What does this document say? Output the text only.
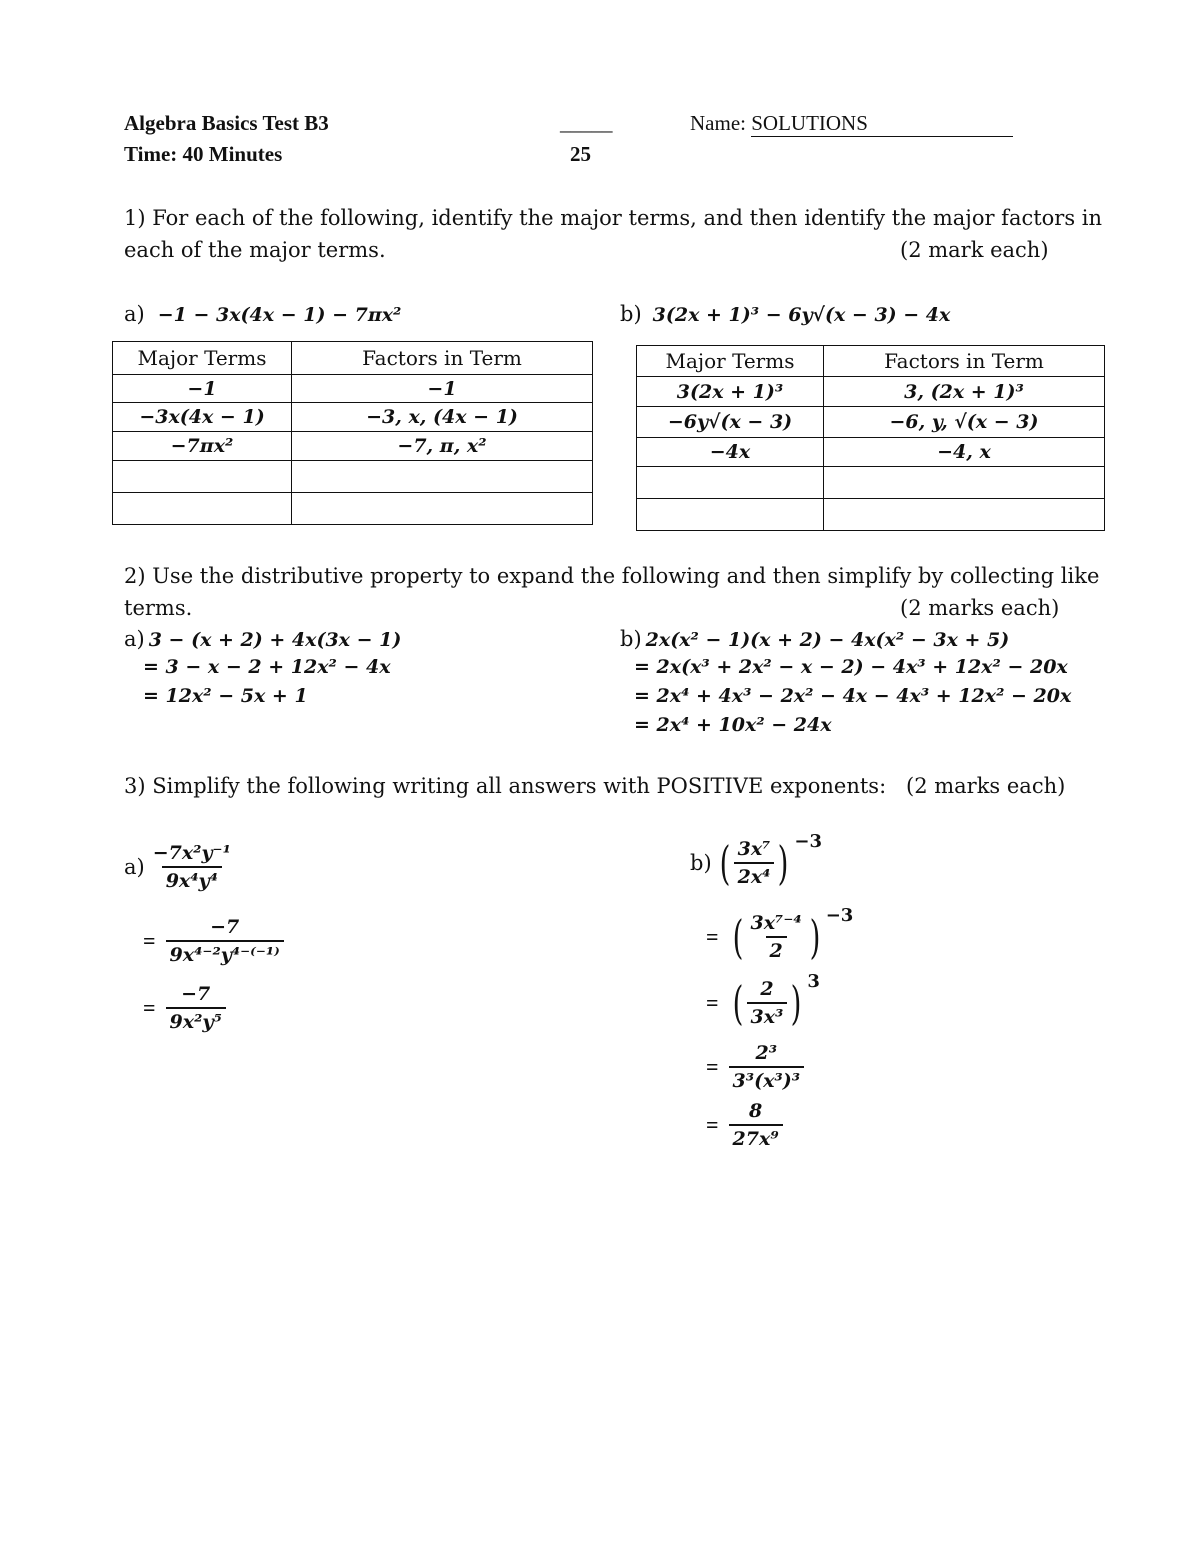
Algebra Basics Test B3
Time: 40 Minutes
_____
25
Name: SOLUTIONS
1) For each of the following, identify the major terms, and then identify the major factors in
each of the major terms.	(2 mark each)
a) −1 − 3x(4x − 1) − 7πx²	b) 3(2x + 1)³ − 6y√(x − 3) − 4x
Major Terms	Factors in Term
−1	−1
−3x(4x − 1)	−3, x, (4x − 1)
−7πx²	−7, π, x²

Major Terms	Factors in Term
3(2x + 1)³	3, (2x + 1)³
−6y√(x − 3)	−6, y, √(x − 3)
−4x	−4, x

2) Use the distributive property to expand the following and then simplify by collecting like
terms.	(2 marks each)
a) 3 − (x + 2) + 4x(3x − 1)
= 3 − x − 2 + 12x² − 4x
= 12x² − 5x + 1
b) 2x(x² − 1)(x + 2) − 4x(x² − 3x + 5)
= 2x(x³ + 2x² − x − 2) − 4x³ + 12x² − 20x
= 2x⁴ + 4x³ − 2x² − 4x − 4x³ + 12x² − 20x
= 2x⁴ + 10x² − 24x
3) Simplify the following writing all answers with POSITIVE exponents: (2 marks each)
$a) \frac{\text{−7x²y⁻¹}}{\text{9x⁴y⁴}}$
= $\frac{-7}{\text{9x⁴⁻²y⁴⁻⁽⁻¹⁾}}$
= $\frac{-7}{\text{9x²y⁵}}$
b) ( $\frac{\text{3x⁷}}{\text{2x⁴}}$ ) −3
= ( $\frac{\text{3x⁷⁻⁴}}{2}$ ) −3
= ( $\frac{2}{\text{3x³}}$ ) 3
= $\frac{\text{2³}}{\text{3³(x³)³}}$
= $\frac{8}{\text{27x⁹}}$
